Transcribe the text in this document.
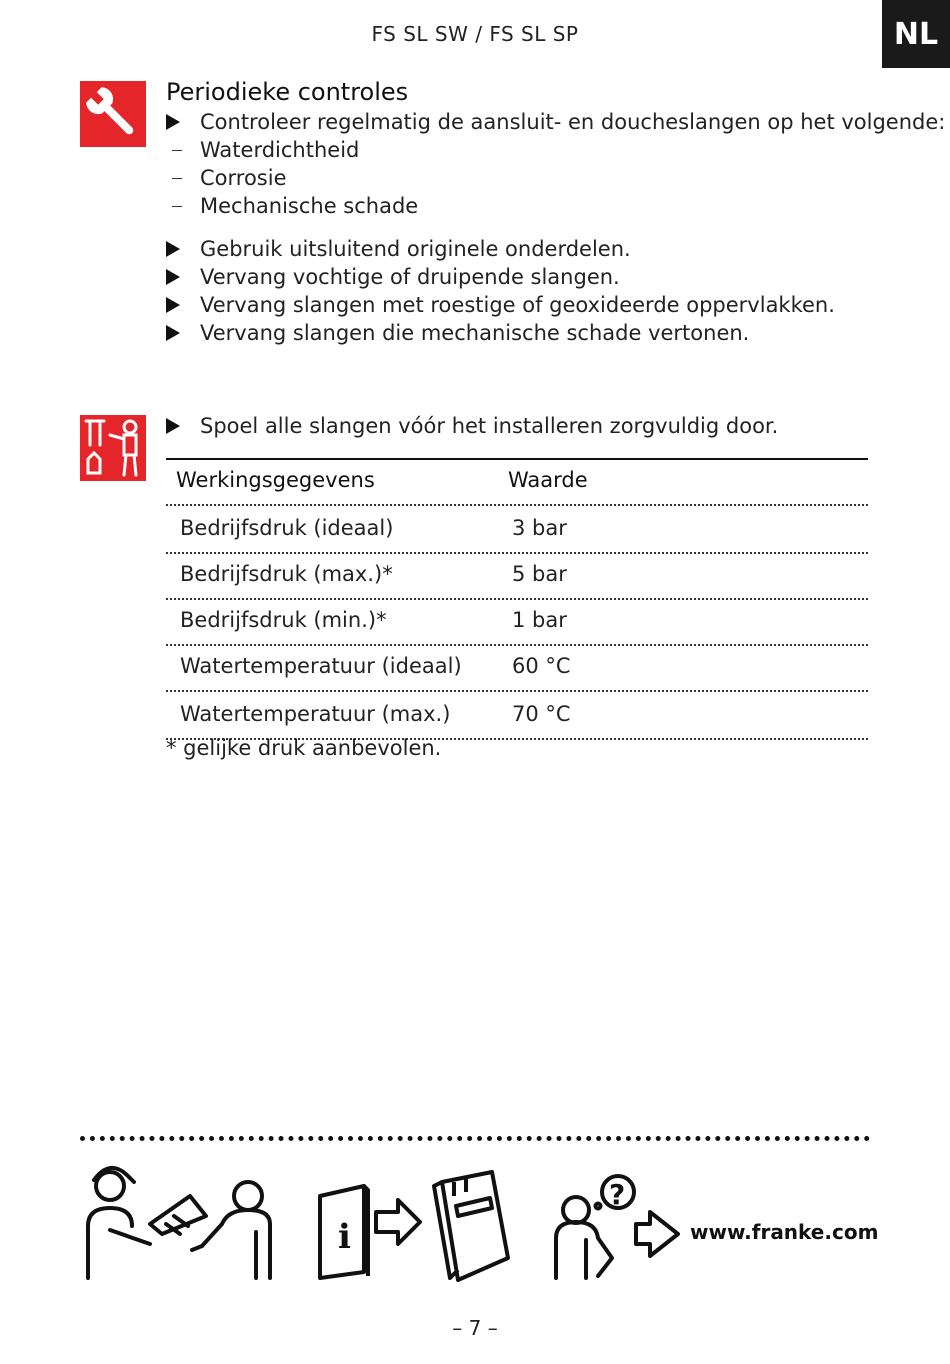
FS SL SW / FS SL SP	NL
Periodieke controles
Controleer regelmatig de aansluit- en doucheslangen op het volgende:
Waterdichtheid
Corrosie
Mechanische schade
Gebruik uitsluitend originele onderdelen.
Vervang vochtige of druipende slangen.
Vervang slangen met roestige of geoxideerde oppervlakken.
Vervang slangen die mechanische schade vertonen.
Spoel alle slangen vóór het installeren zorgvuldig door.
Werkingsgegevens	Waarde
Bedrijfsdruk (ideaal)	3 bar
Bedrijfsdruk (max.)*	5 bar
Bedrijfsdruk (min.)*	1 bar
Watertemperatuur (ideaal) 60 °C
Watertemperatuur (max.)	70 °C
* gelijke druk aanbevolen.
i
?
www.franke.com
– 7 –
